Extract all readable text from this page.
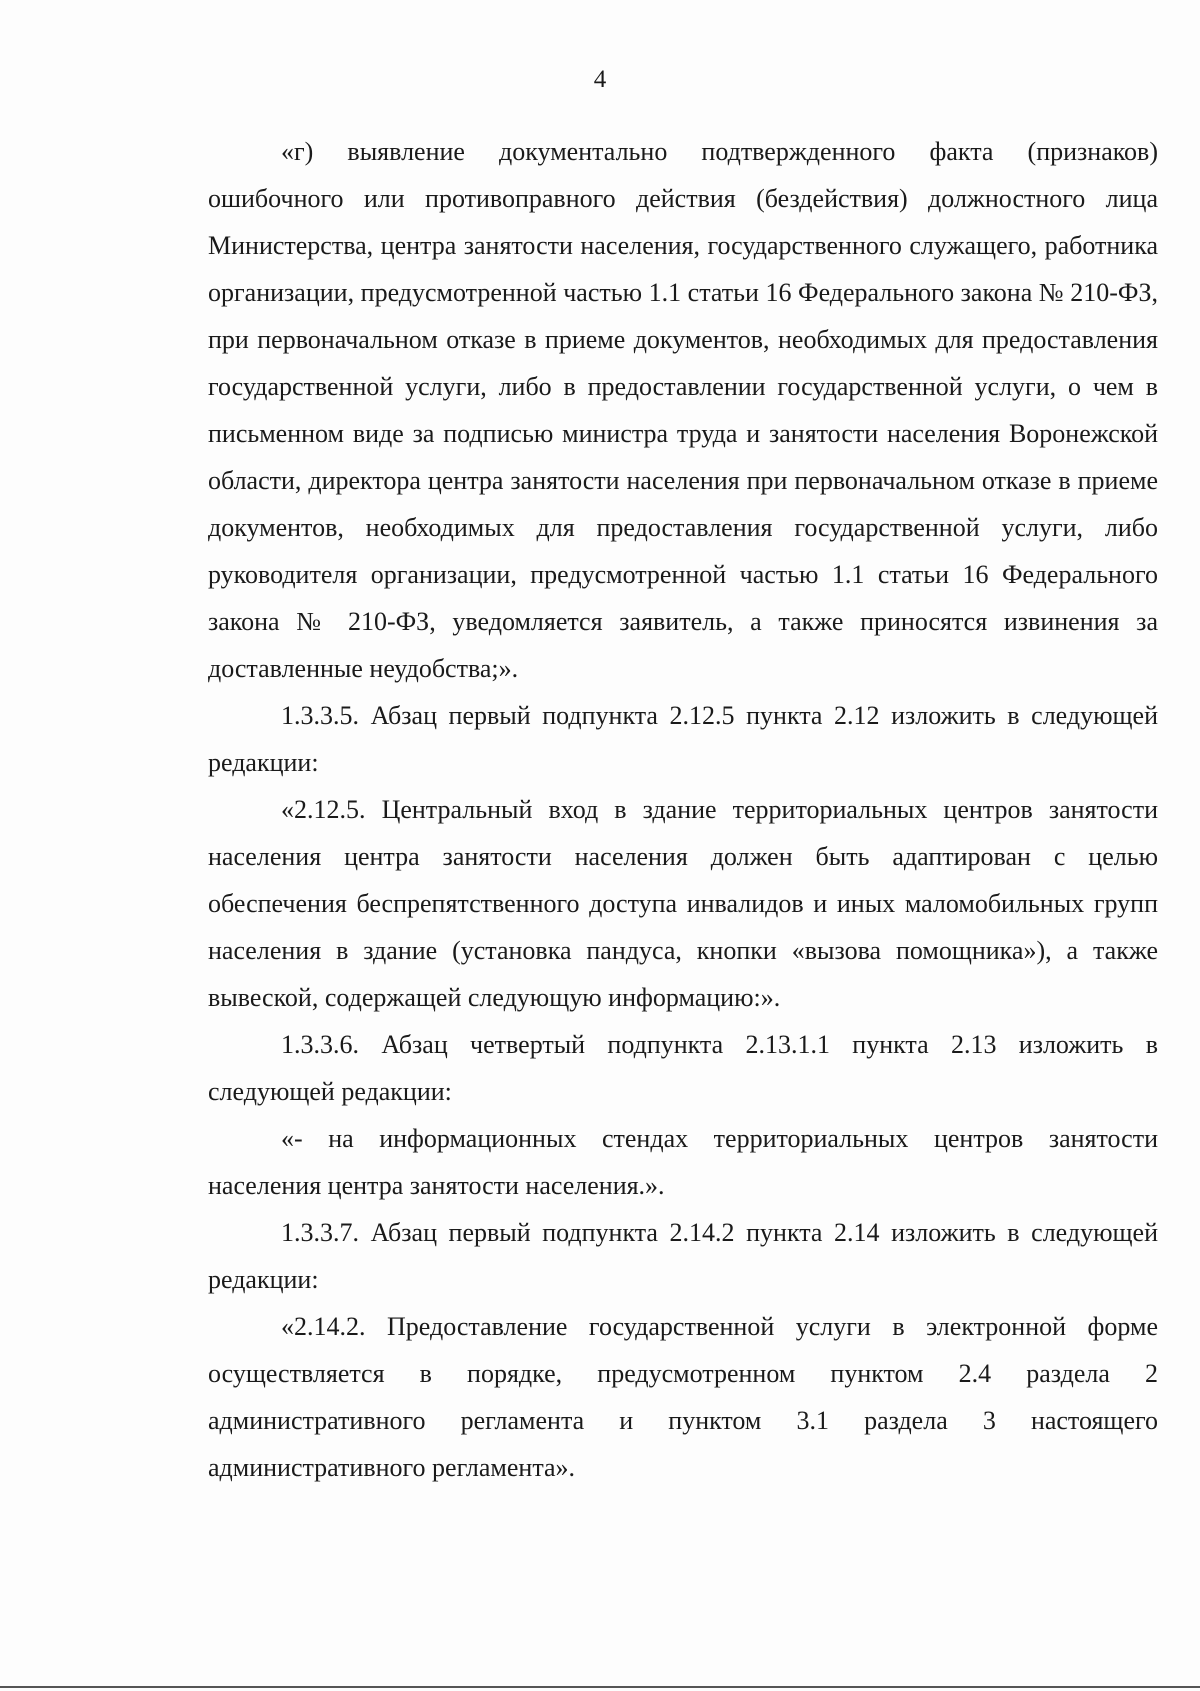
4

«г) выявление документально подтвержденного факта (признаков) ошибочного или противоправного действия (бездействия) должностного лица Министерства, центра занятости населения, государственного служащего, работника организации, предусмотренной частью 1.1 статьи 16 Федерального закона № 210-ФЗ, при первоначальном отказе в приеме документов, необходимых для предоставления государственной услуги, либо в предоставлении государственной услуги, о чем в письменном виде за подписью министра труда и занятости населения Воронежской области, директора центра занятости населения при первоначальном отказе в приеме документов, необходимых для предоставления государственной услуги, либо руководителя организации, предусмотренной частью 1.1 статьи 16 Федерального закона № 210-ФЗ, уведомляется заявитель, а также приносятся извинения за доставленные неудобства;».

1.3.3.5. Абзац первый подпункта 2.12.5 пункта 2.12 изложить в следующей редакции:

«2.12.5. Центральный вход в здание территориальных центров занятости населения центра занятости населения должен быть адаптирован с целью обеспечения беспрепятственного доступа инвалидов и иных маломобильных групп населения в здание (установка пандуса, кнопки «вызова помощника»), а также вывеской, содержащей следующую информацию:».

1.3.3.6. Абзац четвертый подпункта 2.13.1.1 пункта 2.13 изложить в следующей редакции:

«- на информационных стендах территориальных центров занятости населения центра занятости населения.».

1.3.3.7. Абзац первый подпункта 2.14.2 пункта 2.14 изложить в следующей редакции:

«2.14.2. Предоставление государственной услуги в электронной форме осуществляется в порядке, предусмотренном пунктом 2.4 раздела 2 административного регламента и пунктом 3.1 раздела 3 настоящего административного регламента».
